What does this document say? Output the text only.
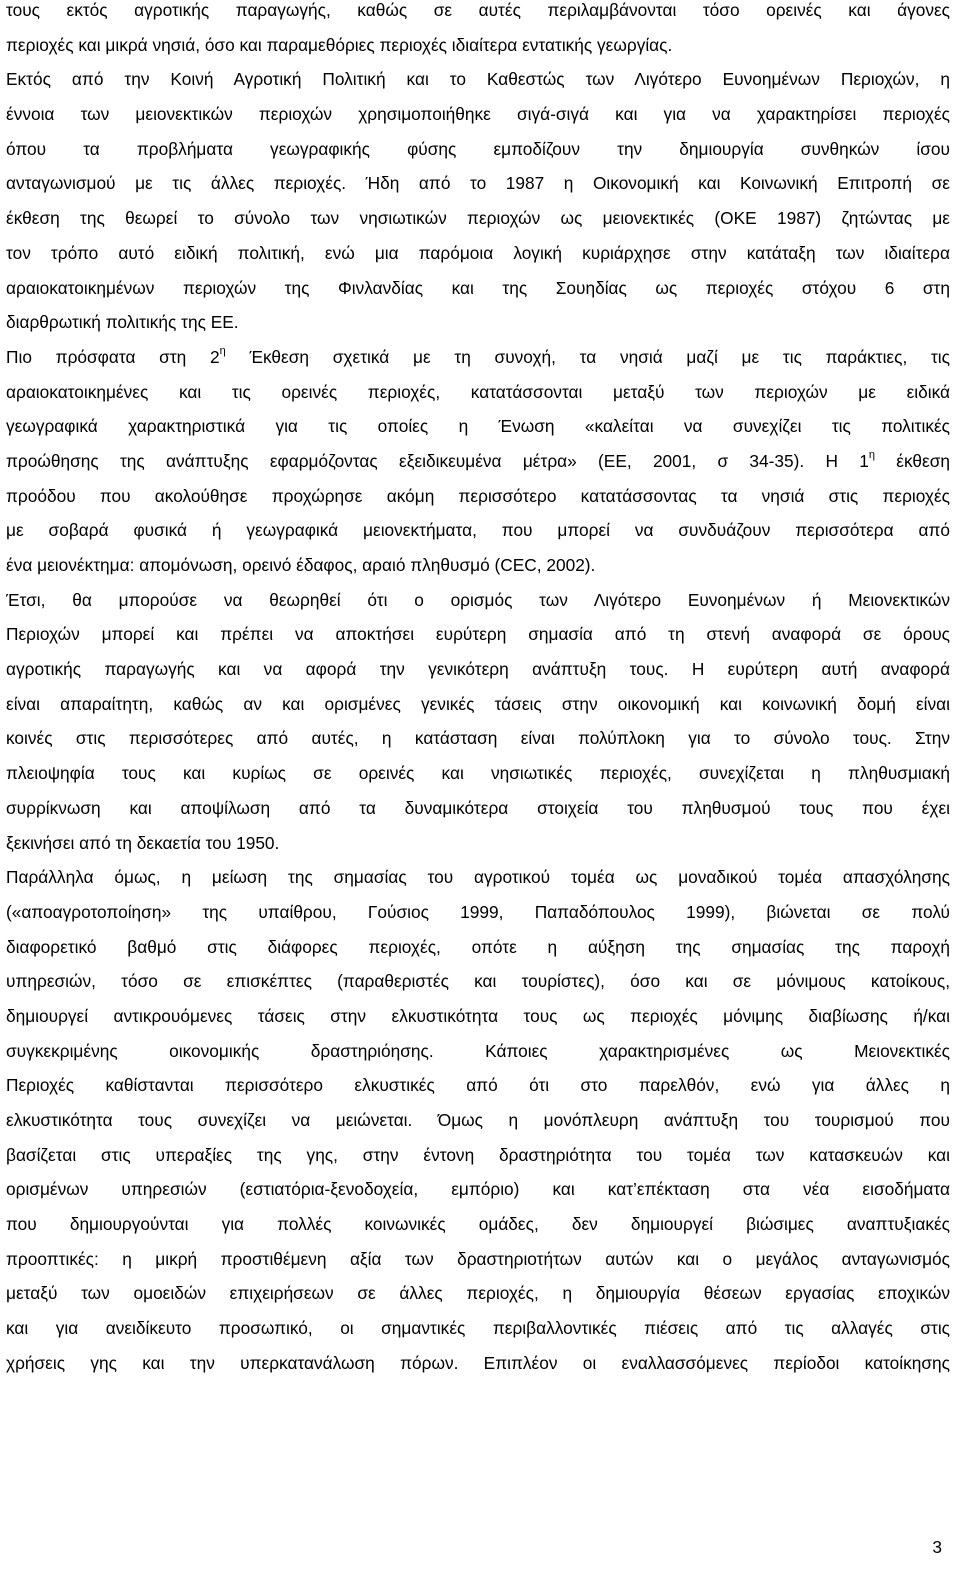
τους εκτός αγροτικής παραγωγής, καθώς σε αυτές περιλαμβάνονται τόσο ορεινές και άγονες
περιοχές και μικρά νησιά, όσο και παραμεθόριες περιοχές ιδιαίτερα εντατικής γεωργίας.
Εκτός από την Κοινή Αγροτική Πολιτική και το Καθεστώς των Λιγότερο Ευνοημένων Περιοχών, η
έννοια των μειονεκτικών περιοχών χρησιμοποιήθηκε σιγά-σιγά και για να χαρακτηρίσει περιοχές
όπου τα προβλήματα γεωγραφικής φύσης εμποδίζουν την δημιουργία συνθηκών ίσου
ανταγωνισμού με τις άλλες περιοχές. Ήδη από το 1987 η Οικονομική και Κοινωνική Επιτροπή σε
έκθεση της θεωρεί το σύνολο των νησιωτικών περιοχών ως μειονεκτικές (ΟΚΕ 1987) ζητώντας με
τον τρόπο αυτό ειδική πολιτική, ενώ μια παρόμοια λογική κυριάρχησε στην κατάταξη των ιδιαίτερα
αραιοκατοικημένων περιοχών της Φινλανδίας και της Σουηδίας ως περιοχές στόχου 6 στη
διαρθρωτική πολιτικής της ΕΕ.
Πιο πρόσφατα στη $2^\eta$ Έκθεση σχετικά με τη συνοχή, τα νησιά μαζί με τις παράκτιες, τις
αραιοκατοικημένες και τις ορεινές περιοχές, κατατάσσονται μεταξύ των περιοχών με ειδικά
γεωγραφικά χαρακτηριστικά για τις οποίες η Ένωση «καλείται να συνεχίζει τις πολιτικές
προώθησης της ανάπτυξης εφαρμόζοντας εξειδικευμένα μέτρα» (ΕΕ, 2001, σ 34-35). Η $1^\eta$ έκθεση
προόδου που ακολούθησε προχώρησε ακόμη περισσότερο κατατάσσοντας τα νησιά στις περιοχές
με σοβαρά φυσικά ή γεωγραφικά μειονεκτήματα, που μπορεί να συνδυάζουν περισσότερα από
ένα μειονέκτημα: απομόνωση, ορεινό έδαφος, αραιό πληθυσμό (CEC, 2002).
Έτσι, θα μπορούσε να θεωρηθεί ότι ο ορισμός των Λιγότερο Ευνοημένων ή Μειονεκτικών
Περιοχών μπορεί και πρέπει να αποκτήσει ευρύτερη σημασία από τη στενή αναφορά σε όρους
αγροτικής παραγωγής και να αφορά την γενικότερη ανάπτυξη τους. Η ευρύτερη αυτή αναφορά
είναι απαραίτητη, καθώς αν και ορισμένες γενικές τάσεις στην οικονομική και κοινωνική δομή είναι
κοινές στις περισσότερες από αυτές, η κατάσταση είναι πολύπλοκη για το σύνολο τους. Στην
πλειοψηφία τους και κυρίως σε ορεινές και νησιωτικές περιοχές, συνεχίζεται η πληθυσμιακή
συρρίκνωση και αποψίλωση από τα δυναμικότερα στοιχεία του πληθυσμού τους που έχει
ξεκινήσει από τη δεκαετία του 1950.
Παράλληλα όμως, η μείωση της σημασίας του αγροτικού τομέα ως μοναδικού τομέα απασχόλησης
(«αποαγροτοποίηση» της υπαίθρου, Γούσιος 1999, Παπαδόπουλος 1999), βιώνεται σε πολύ
διαφορετικό βαθμό στις διάφορες περιοχές, οπότε η αύξηση της σημασίας της παροχή
υπηρεσιών, τόσο σε επισκέπτες (παραθεριστές και τουρίστες), όσο και σε μόνιμους κατοίκους,
δημιουργεί αντικρουόμενες τάσεις στην ελκυστικότητα τους ως περιοχές μόνιμης διαβίωσης ή/και
συγκεκριμένης οικονομικής δραστηριόησης. Κάποιες χαρακτηρισμένες ως Μειονεκτικές
Περιοχές καθίστανται περισσότερο ελκυστικές από ότι στο παρελθόν, ενώ για άλλες η
ελκυστικότητα τους συνεχίζει να μειώνεται. Όμως η μονόπλευρη ανάπτυξη του τουρισμού που
βασίζεται στις υπεραξίες της γης, στην έντονη δραστηριότητα του τομέα των κατασκευών και
ορισμένων υπηρεσιών (εστιατόρια-ξενοδοχεία, εμπόριο) και κατ’επέκταση στα νέα εισοδήματα
που δημιουργούνται για πολλές κοινωνικές ομάδες, δεν δημιουργεί βιώσιμες αναπτυξιακές
προοπτικές: η μικρή προστιθέμενη αξία των δραστηριοτήτων αυτών και ο μεγάλος ανταγωνισμός
μεταξύ των ομοειδών επιχειρήσεων σε άλλες περιοχές, η δημιουργία θέσεων εργασίας εποχικών
και για ανειδίκευτο προσωπικό, οι σημαντικές περιβαλλοντικές πιέσεις από τις αλλαγές στις
χρήσεις γης και την υπερκατανάλωση πόρων. Επιπλέον οι εναλλασσόμενες περίοδοι κατοίκησης
3
